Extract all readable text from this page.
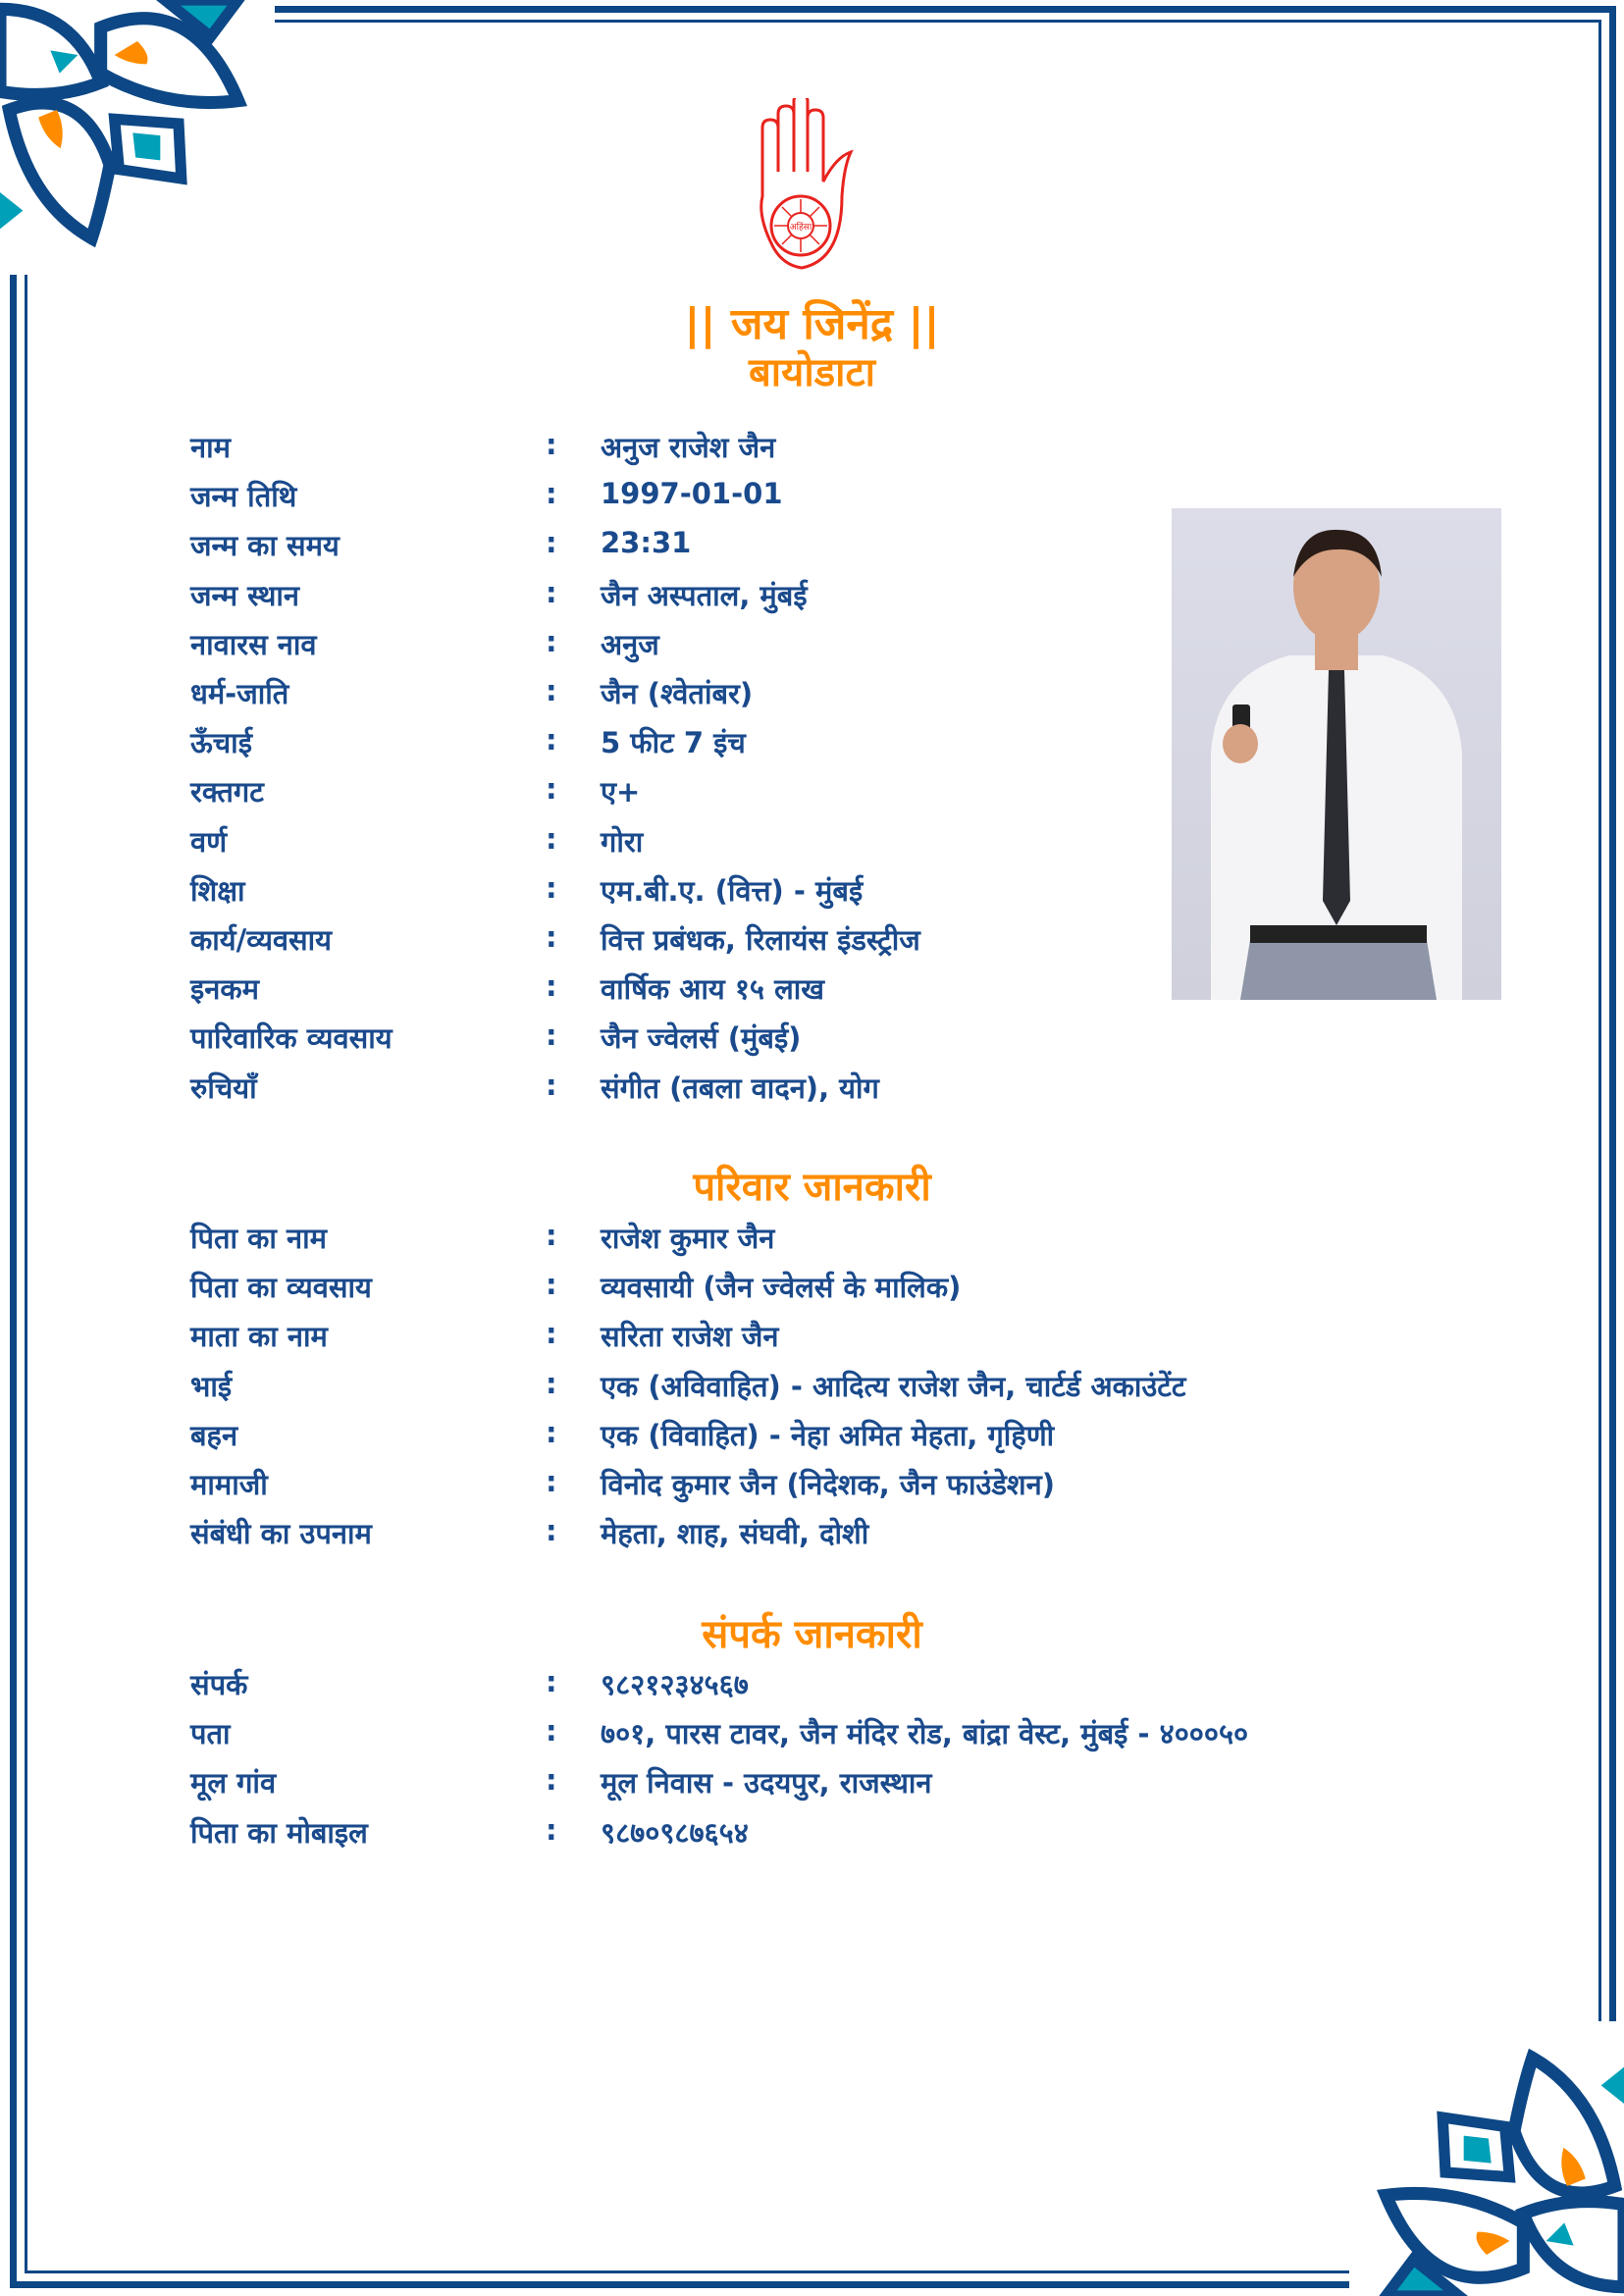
अहिंसा
|| जय जिनेंद्र ||
बायोडाटा
नाम	: अनुज राजेश जैन
जन्म तिथि	: 1997-01-01
जन्म का समय	: 23:31
जन्म स्थान	: जैन अस्पताल, मुंबई
नावारस नाव	: अनुज
धर्म-जाति	: जैन (श्वेतांबर)
ऊँचाई	: 5 फीट 7 इंच
रक्तगट	: ए+
वर्ण	: गोरा
शिक्षा	: एम.बी.ए. (वित्त) - मुंबई
कार्य/व्यवसाय	: वित्त प्रबंधक, रिलायंस इंडस्ट्रीज
इनकम	: वार्षिक आय १५ लाख
पारिवारिक व्यवसाय	: जैन ज्वेलर्स (मुंबई)
रुचियाँ	: संगीत (तबला वादन), योग
परिवार जानकारी
पिता का नाम	: राजेश कुमार जैन
पिता का व्यवसाय	: व्यवसायी (जैन ज्वेलर्स के मालिक)
माता का नाम	: सरिता राजेश जैन
भाई	: एक (अविवाहित) - आदित्य राजेश जैन, चार्टर्ड अकाउंटेंट
बहन	: एक (विवाहित) - नेहा अमित मेहता, गृहिणी
मामाजी	: विनोद कुमार जैन (निदेशक, जैन फाउंडेशन)
संबंधी का उपनाम	: मेहता, शाह, संघवी, दोशी
संपर्क जानकारी
संपर्क	: ९८२१२३४५६७
पता	: ७०१, पारस टावर, जैन मंदिर रोड, बांद्रा वेस्ट, मुंबई - ४०००५०
मूल गांव	: मूल निवास - उदयपुर, राजस्थान
पिता का मोबाइल	: ९८७०९८७६५४
